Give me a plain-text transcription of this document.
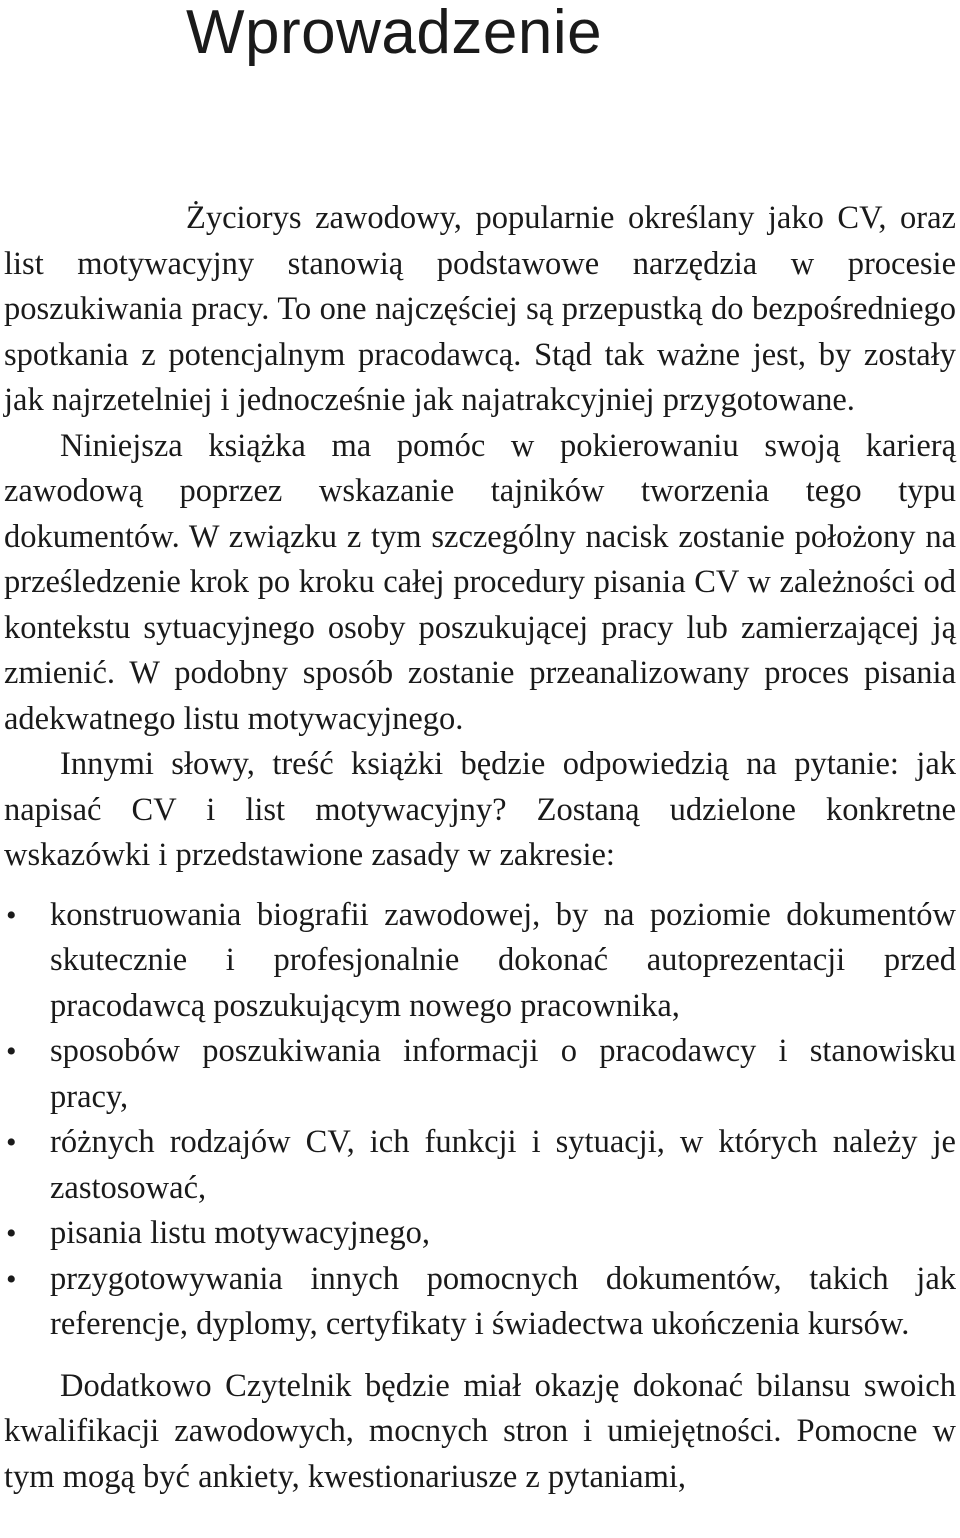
Wprowadzenie

Życiorys zawodowy, popularnie określany jako CV, oraz list motywacyjny stanowią podstawowe narzędzia w procesie poszukiwania pracy. To one najczęściej są przepustką do bezpośredniego spotkania z potencjalnym pracodawcą. Stąd tak ważne jest, by zostały jak najrzetelniej i jednocześnie jak najatrakcyjniej przygotowane.

Niniejsza książka ma pomóc w pokierowaniu swoją karierą zawodową poprzez wskazanie tajników tworzenia tego typu dokumentów. W związku z tym szczególny nacisk zostanie położony na prześledzenie krok po kroku całej procedury pisania CV w zależności od kontekstu sytuacyjnego osoby poszukującej pracy lub zamierzającej ją zmienić. W podobny sposób zostanie przeanalizowany proces pisania adekwatnego listu motywacyjnego.

Innymi słowy, treść książki będzie odpowiedzią na pytanie: jak napisać CV i list motywacyjny? Zostaną udzielone konkretne wskazówki i przedstawione zasady w zakresie:

• konstruowania biografii zawodowej, by na poziomie dokumentów skutecznie i profesjonalnie dokonać autoprezentacji przed pracodawcą poszukującym nowego pracownika,
• sposobów poszukiwania informacji o pracodawcy i stanowisku pracy,
• różnych rodzajów CV, ich funkcji i sytuacji, w których należy je zastosować,
• pisania listu motywacyjnego,
• przygotowywania innych pomocnych dokumentów, takich jak referencje, dyplomy, certyfikaty i świadectwa ukończenia kursów.

Dodatkowo Czytelnik będzie miał okazję dokonać bilansu swoich kwalifikacji zawodowych, mocnych stron i umiejętności. Pomocne w tym mogą być ankiety, kwestionariusze z pytaniami,
